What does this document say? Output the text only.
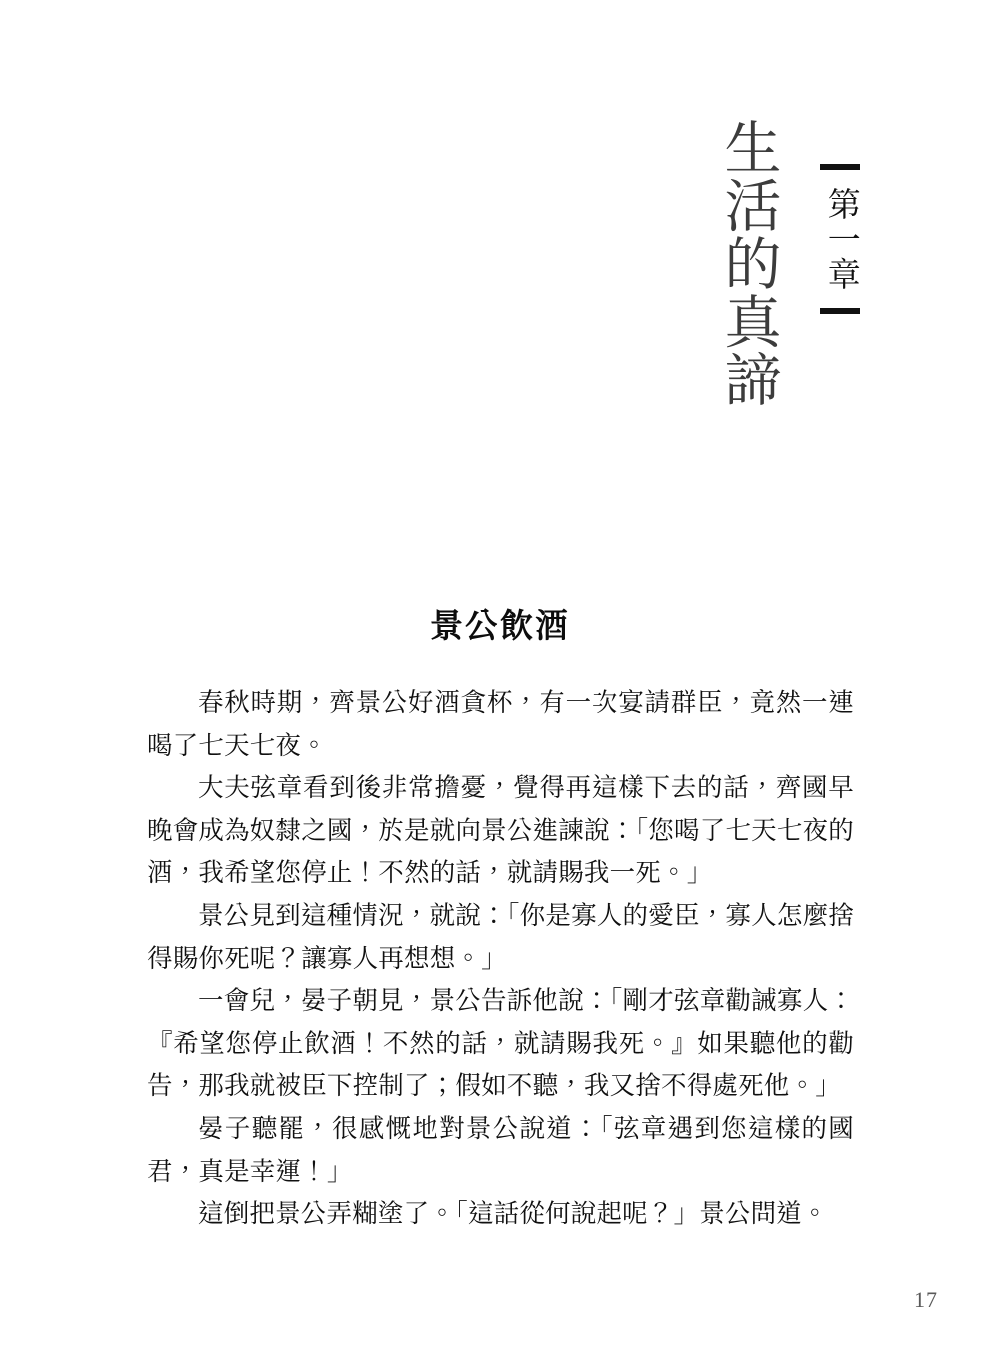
生活的真諦 第一章
景公飲酒

春秋時期，齊景公好酒貪杯，有一次宴請群臣，竟然一連喝了七天七夜。

大夫弦章看到後非常擔憂，覺得再這樣下去的話，齊國早晚會成為奴隸之國，於是就向景公進諫說：「您喝了七天七夜的酒，我希望您停止！不然的話，就請賜我一死。」

景公見到這種情況，就說：「你是寡人的愛臣，寡人怎麼捨得賜你死呢？讓寡人再想想。」

一會兒，晏子朝見，景公告訴他說：「剛才弦章勸誡寡人：『希望您停止飲酒！不然的話，就請賜我死。』如果聽他的勸告，那我就被臣下控制了；假如不聽，我又捨不得處死他。」

晏子聽罷，很感慨地對景公說道：「弦章遇到您這樣的國君，真是幸運！」

這倒把景公弄糊塗了。「這話從何說起呢？」景公問道。

17
